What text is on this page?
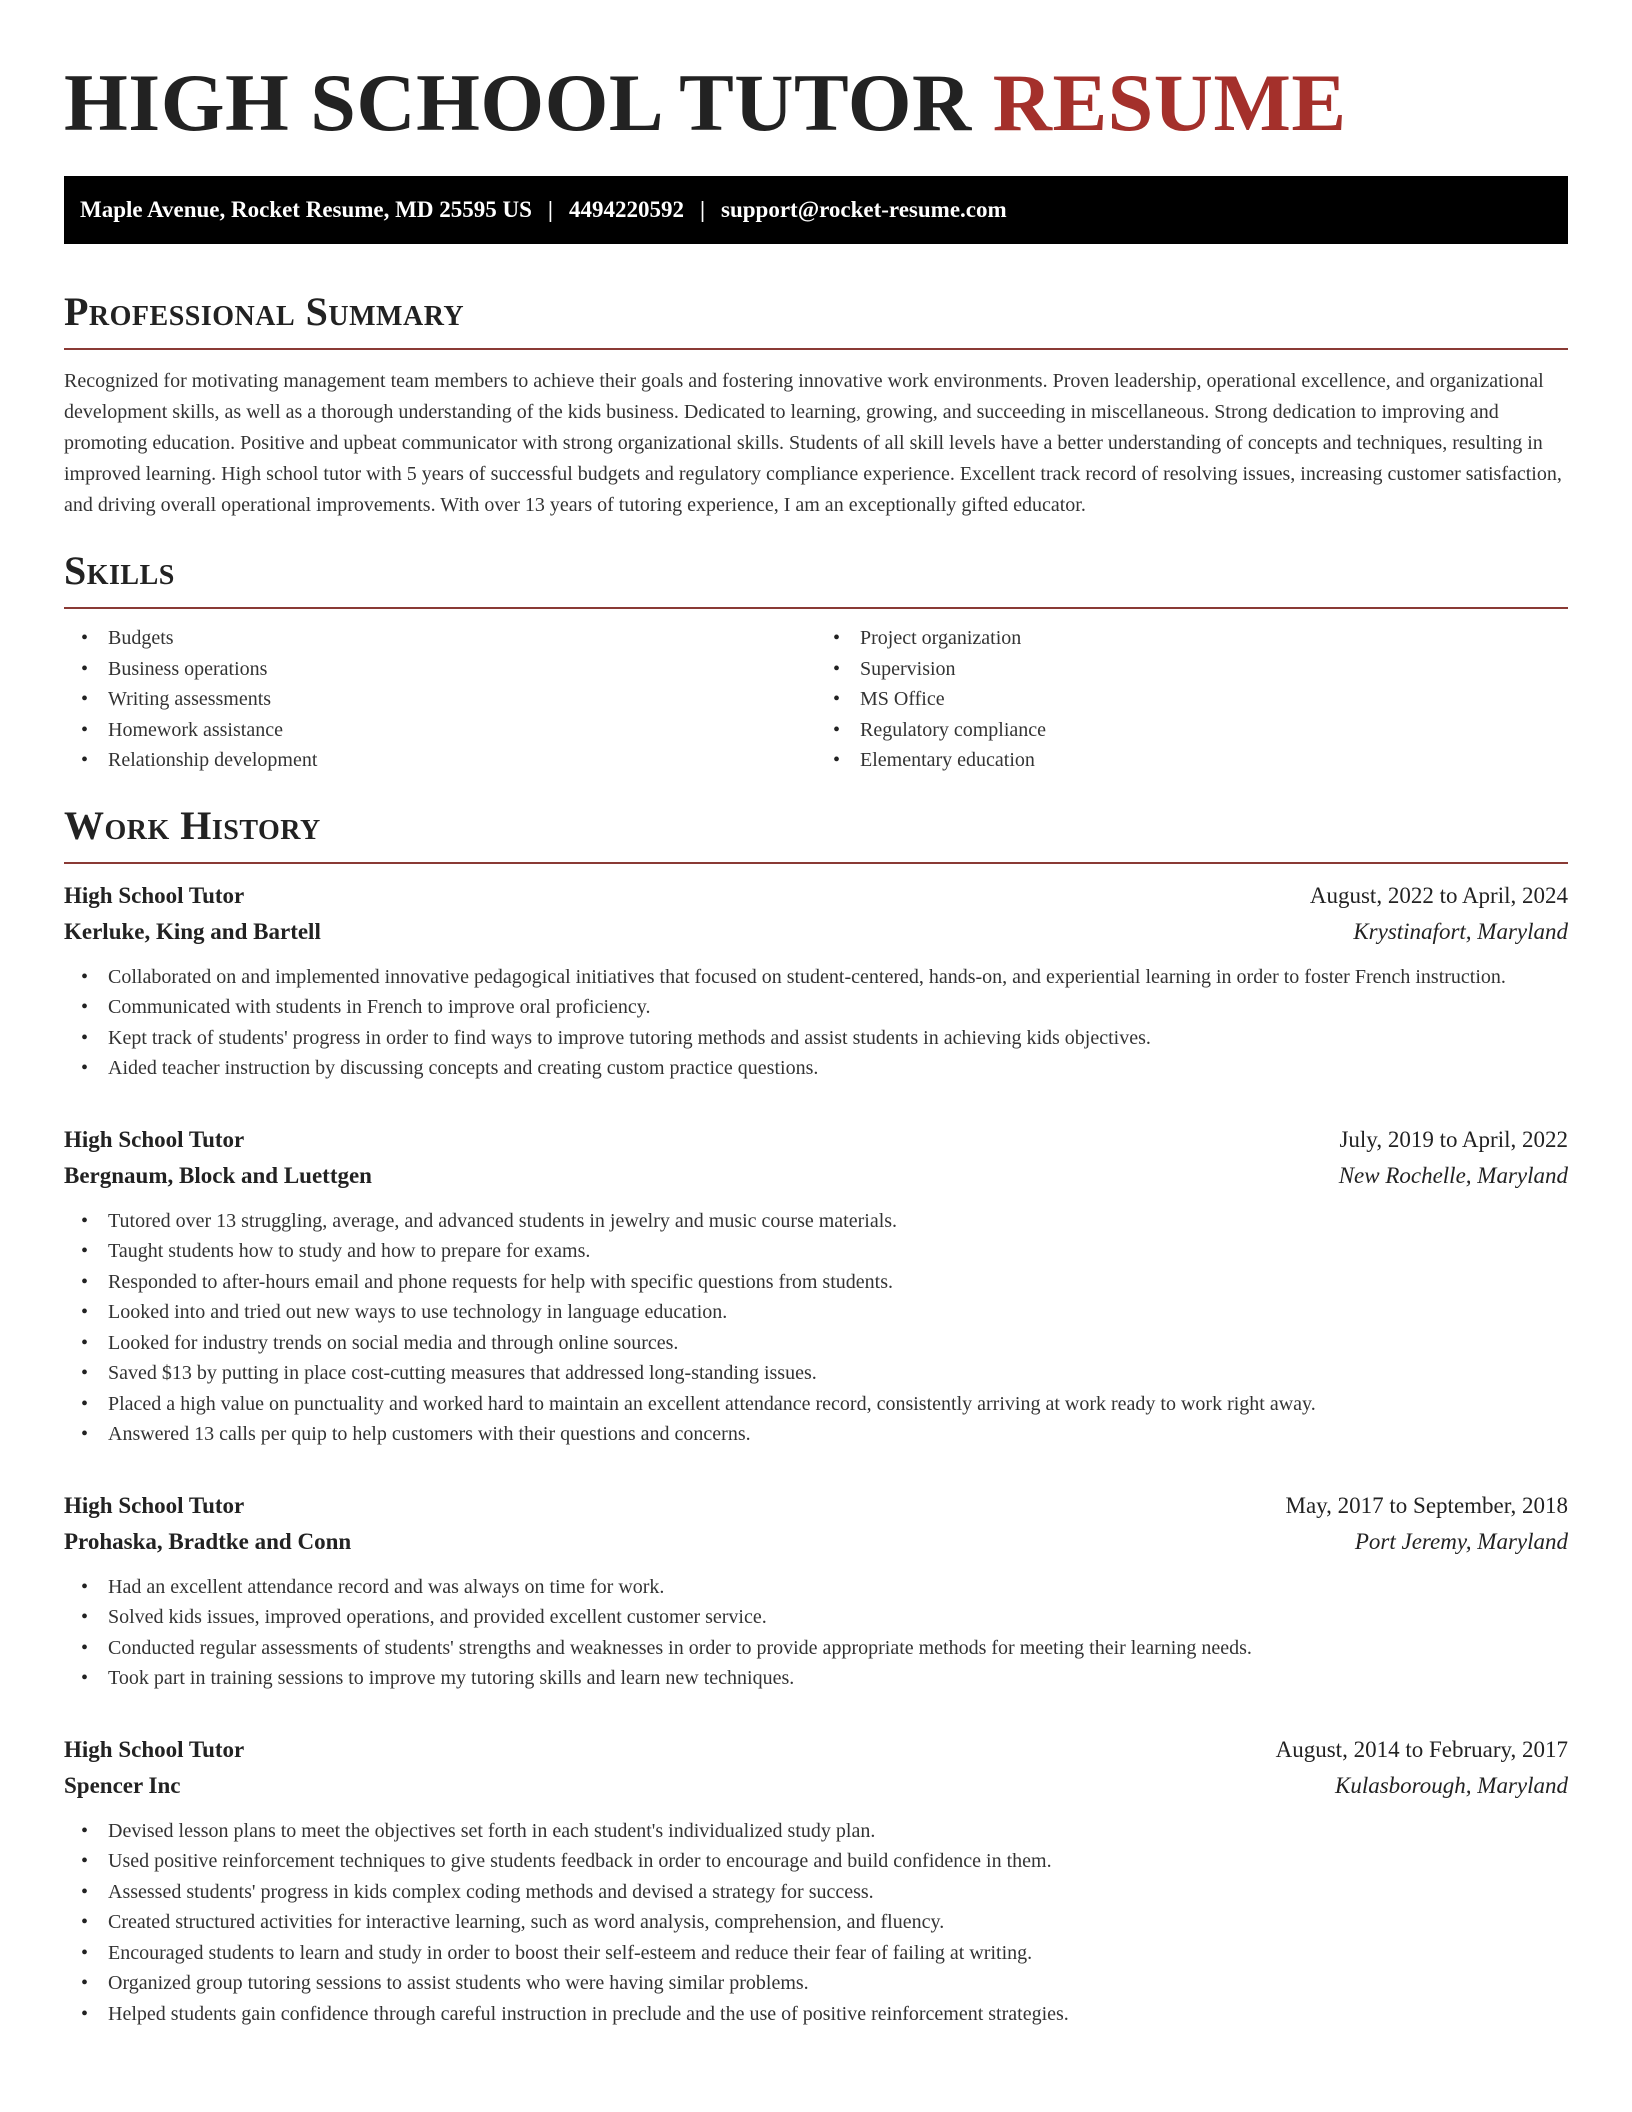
HIGH SCHOOL TUTOR RESUME
Maple Avenue, Rocket Resume, MD 25595 US | 4494220592 | support@rocket-resume.com
Professional Summary

Recognized for motivating management team members to achieve their goals and fostering innovative work environments. Proven leadership, operational excellence, and organizational development skills, as well as a thorough understanding of the kids business. Dedicated to learning, growing, and succeeding in miscellaneous. Strong dedication to improving and promoting education. Positive and upbeat communicator with strong organizational skills. Students of all skill levels have a better understanding of concepts and techniques, resulting in improved learning. High school tutor with 5 years of successful budgets and regulatory compliance experience. Excellent track record of resolving issues, increasing customer satisfaction, and driving overall operational improvements. With over 13 years of tutoring experience, I am an exceptionally gifted educator.

Skills
• Budgets
• Business operations
• Writing assessments
• Homework assistance
• Relationship development
• Project organization
• Supervision
• MS Office
• Regulatory compliance
• Elementary education
Work History
High School Tutor	August, 2022 to April, 2024
Kerluke, King and Bartell	Krystinafort, Maryland
• Collaborated on and implemented innovative pedagogical initiatives that focused on student-centered, hands-on, and experiential learning in order to foster French instruction.
• Communicated with students in French to improve oral proficiency.
• Kept track of students' progress in order to find ways to improve tutoring methods and assist students in achieving kids objectives.
• Aided teacher instruction by discussing concepts and creating custom practice questions.
High School Tutor	July, 2019 to April, 2022
Bergnaum, Block and Luettgen	New Rochelle, Maryland
• Tutored over 13 struggling, average, and advanced students in jewelry and music course materials.
• Taught students how to study and how to prepare for exams.
• Responded to after-hours email and phone requests for help with specific questions from students.
• Looked into and tried out new ways to use technology in language education.
• Looked for industry trends on social media and through online sources.
• Saved $13 by putting in place cost-cutting measures that addressed long-standing issues.
• Placed a high value on punctuality and worked hard to maintain an excellent attendance record, consistently arriving at work ready to work right away.
• Answered 13 calls per quip to help customers with their questions and concerns.
High School Tutor	May, 2017 to September, 2018
Prohaska, Bradtke and Conn	Port Jeremy, Maryland
• Had an excellent attendance record and was always on time for work.
• Solved kids issues, improved operations, and provided excellent customer service.
• Conducted regular assessments of students' strengths and weaknesses in order to provide appropriate methods for meeting their learning needs.
• Took part in training sessions to improve my tutoring skills and learn new techniques.
High School Tutor	August, 2014 to February, 2017
Spencer Inc	Kulasborough, Maryland
• Devised lesson plans to meet the objectives set forth in each student's individualized study plan.
• Used positive reinforcement techniques to give students feedback in order to encourage and build confidence in them.
• Assessed students' progress in kids complex coding methods and devised a strategy for success.
• Created structured activities for interactive learning, such as word analysis, comprehension, and fluency.
• Encouraged students to learn and study in order to boost their self-esteem and reduce their fear of failing at writing.
• Organized group tutoring sessions to assist students who were having similar problems.
• Helped students gain confidence through careful instruction in preclude and the use of positive reinforcement strategies.
